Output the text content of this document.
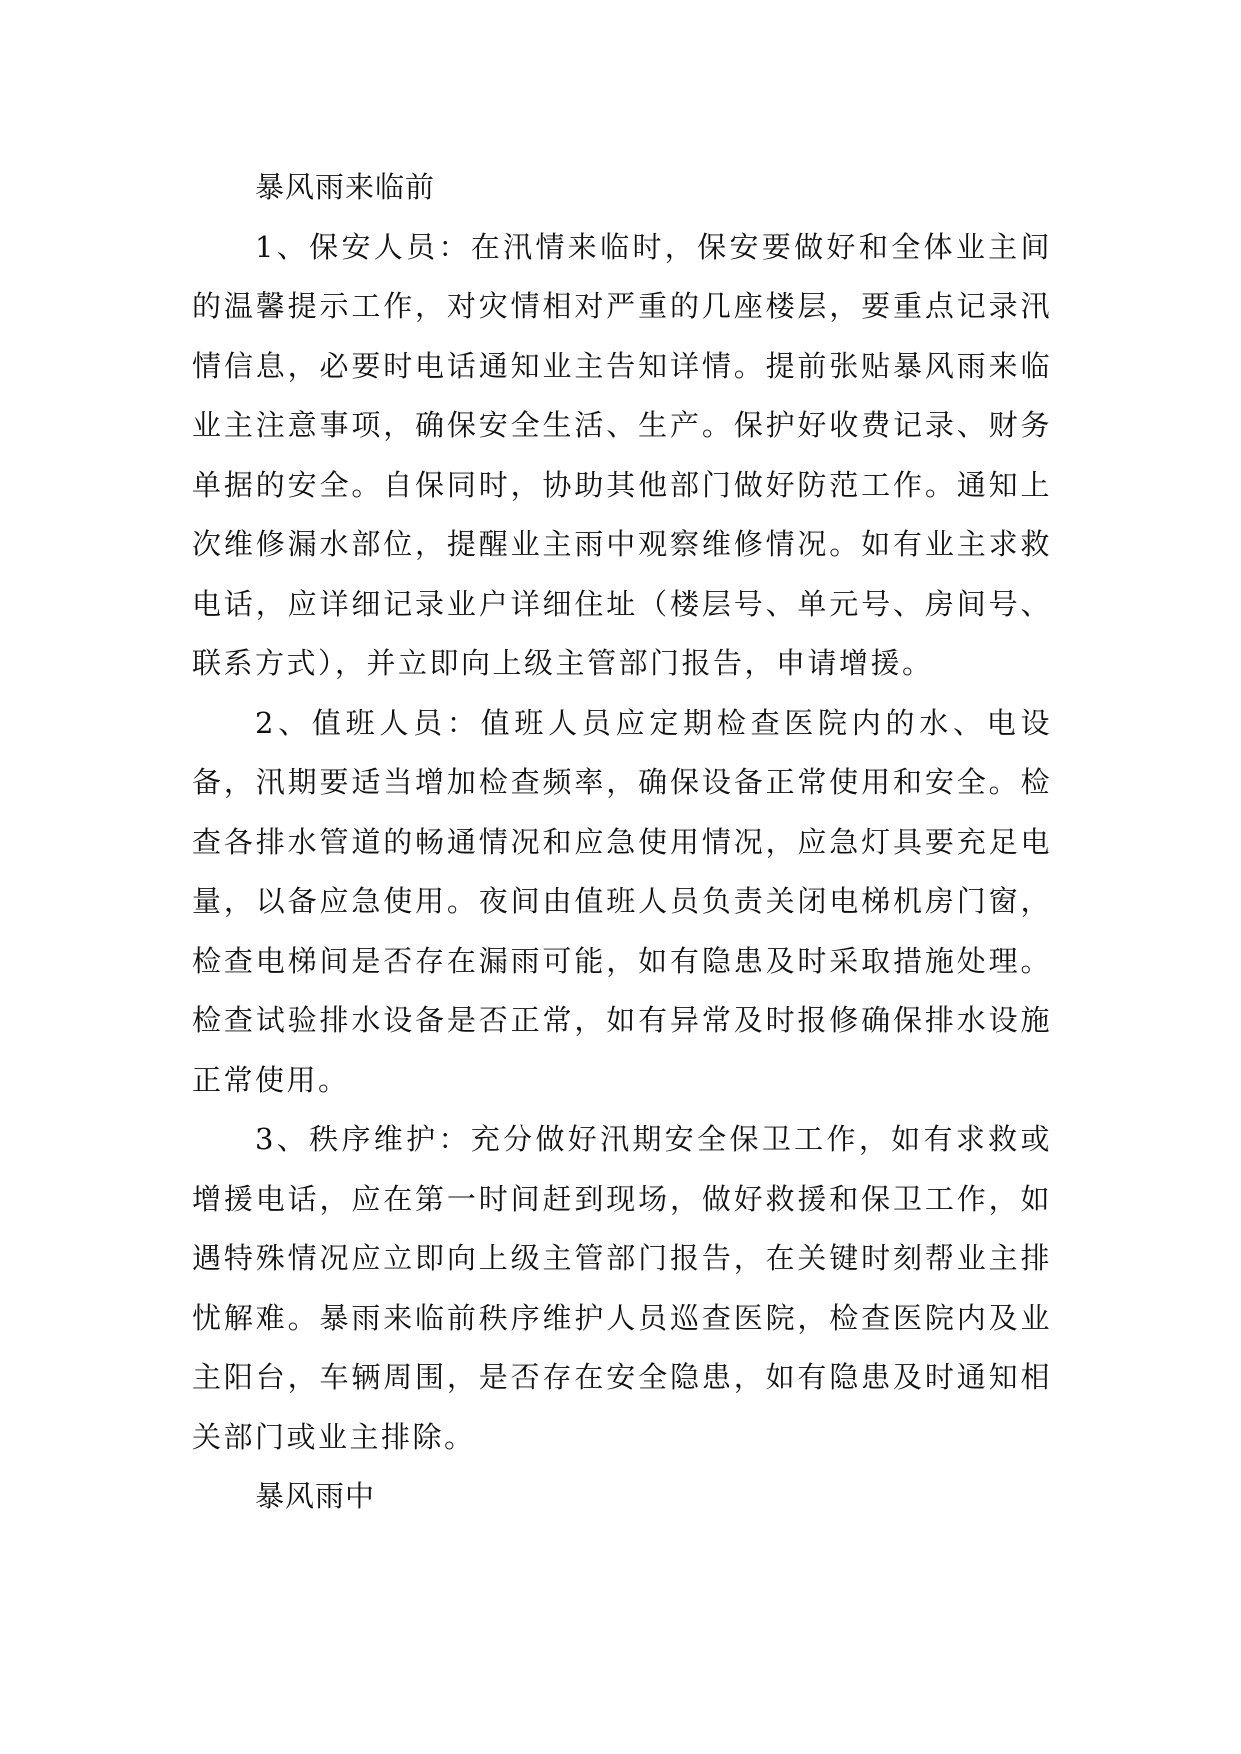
暴风雨来临前

1、保安人员：在汛情来临时，保安要做好和全体业主间的温馨提示工作，对灾情相对严重的几座楼层，要重点记录汛情信息，必要时电话通知业主告知详情。提前张贴暴风雨来临业主注意事项，确保安全生活、生产。保护好收费记录、财务单据的安全。自保同时，协助其他部门做好防范工作。通知上次维修漏水部位，提醒业主雨中观察维修情况。如有业主求救电话，应详细记录业户详细住址（楼层号、单元号、房间号、联系方式），并立即向上级主管部门报告，申请增援。

2、值班人员：值班人员应定期检查医院内的水、电设备，汛期要适当增加检查频率，确保设备正常使用和安全。检查各排水管道的畅通情况和应急使用情况，应急灯具要充足电量，以备应急使用。夜间由值班人员负责关闭电梯机房门窗，检查电梯间是否存在漏雨可能，如有隐患及时采取措施处理。检查试验排水设备是否正常，如有异常及时报修确保排水设施正常使用。

3、秩序维护：充分做好汛期安全保卫工作，如有求救或增援电话，应在第一时间赶到现场，做好救援和保卫工作，如遇特殊情况应立即向上级主管部门报告，在关键时刻帮业主排忧解难。暴雨来临前秩序维护人员巡查医院，检查医院内及业主阳台，车辆周围，是否存在安全隐患，如有隐患及时通知相关部门或业主排除。

暴风雨中
